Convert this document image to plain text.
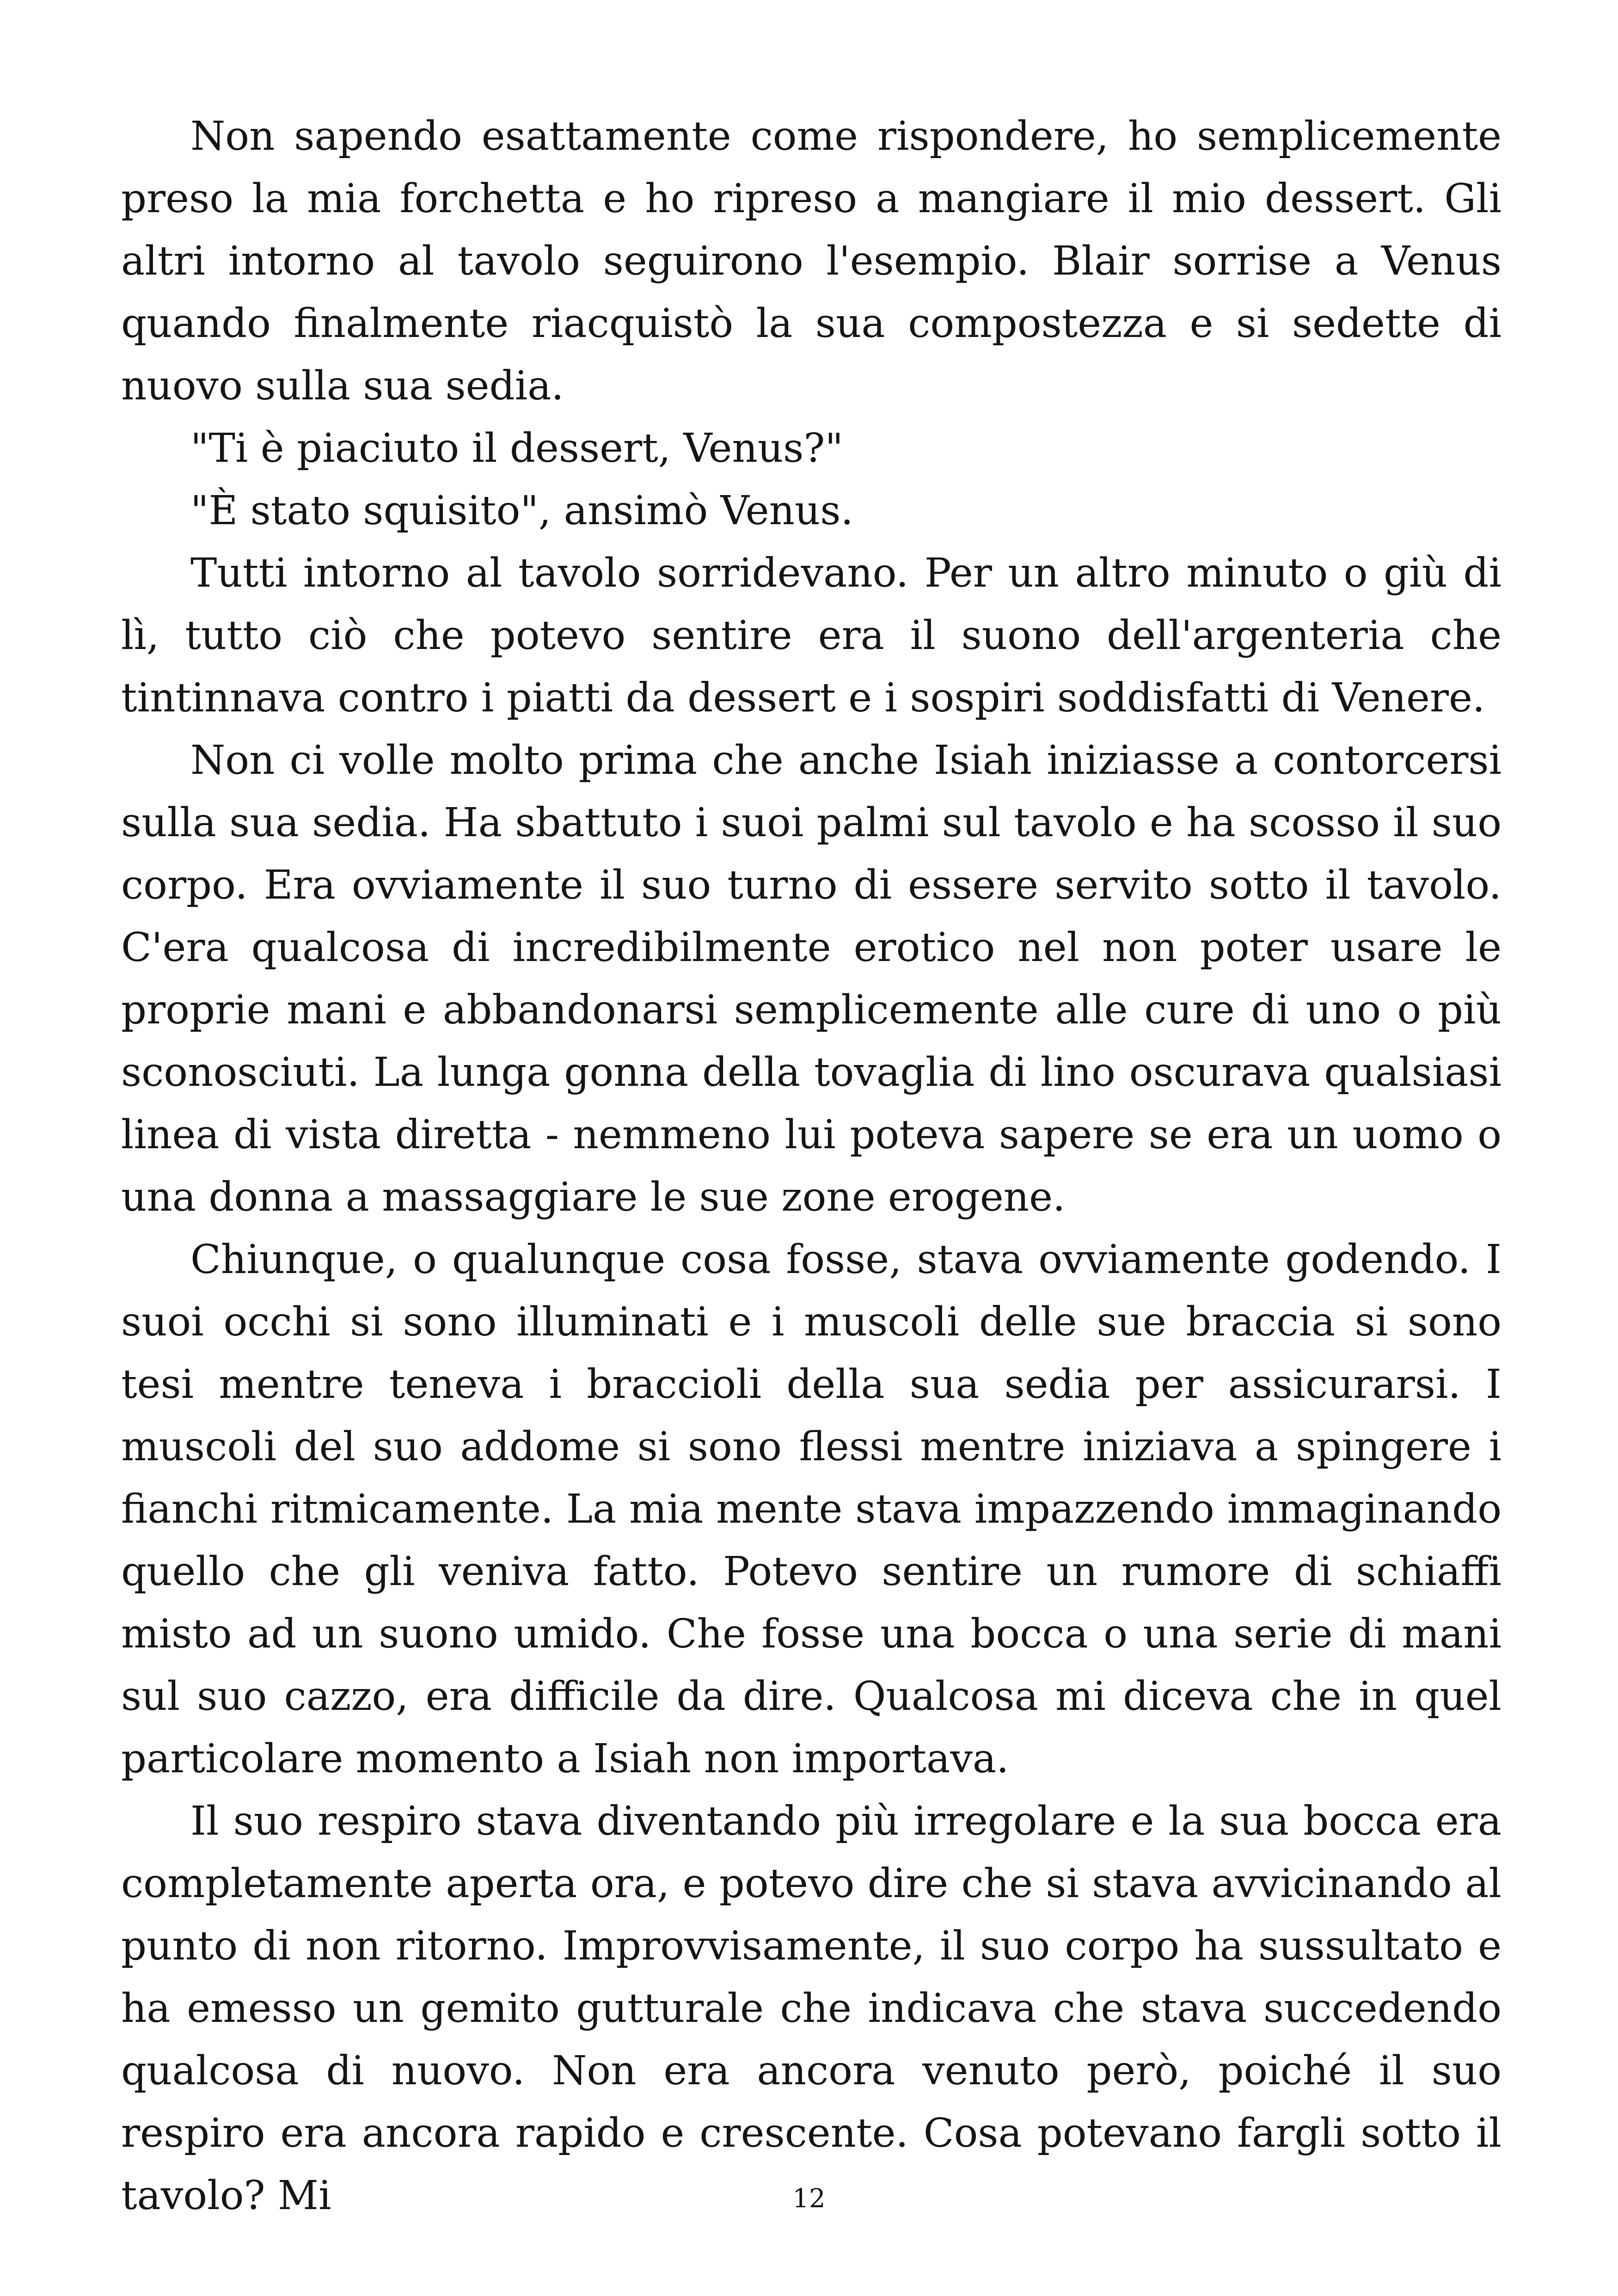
Non sapendo esattamente come rispondere, ho semplicemente preso la mia forchetta e ho ripreso a mangiare il mio dessert. Gli altri intorno al tavolo seguirono l'esempio. Blair sorrise a Venus quando finalmente riacquistò la sua compostezza e si sedette di nuovo sulla sua sedia.

"Ti è piaciuto il dessert, Venus?"

"È stato squisito", ansimò Venus.

Tutti intorno al tavolo sorridevano. Per un altro minuto o giù di lì, tutto ciò che potevo sentire era il suono dell'argenteria che tintinnava contro i piatti da dessert e i sospiri soddisfatti di Venere.

Non ci volle molto prima che anche Isiah iniziasse a contorcersi sulla sua sedia. Ha sbattuto i suoi palmi sul tavolo e ha scosso il suo corpo. Era ovviamente il suo turno di essere servito sotto il tavolo. C'era qualcosa di incredibilmente erotico nel non poter usare le proprie mani e abbandonarsi semplicemente alle cure di uno o più sconosciuti. La lunga gonna della tovaglia di lino oscurava qualsiasi linea di vista diretta - nemmeno lui poteva sapere se era un uomo o una donna a massaggiare le sue zone erogene.

Chiunque, o qualunque cosa fosse, stava ovviamente godendo. I suoi occhi si sono illuminati e i muscoli delle sue braccia si sono tesi mentre teneva i braccioli della sua sedia per assicurarsi. I muscoli del suo addome si sono flessi mentre iniziava a spingere i fianchi ritmicamente. La mia mente stava impazzendo immaginando quello che gli veniva fatto. Potevo sentire un rumore di schiaffi misto ad un suono umido. Che fosse una bocca o una serie di mani sul suo cazzo, era difficile da dire. Qualcosa mi diceva che in quel particolare momento a Isiah non importava.

Il suo respiro stava diventando più irregolare e la sua bocca era completamente aperta ora, e potevo dire che si stava avvicinando al punto di non ritorno. Improvvisamente, il suo corpo ha sussultato e ha emesso un gemito gutturale che indicava che stava succedendo qualcosa di nuovo. Non era ancora venuto però, poiché il suo respiro era ancora rapido e crescente. Cosa potevano fargli sotto il tavolo? Mi	12
